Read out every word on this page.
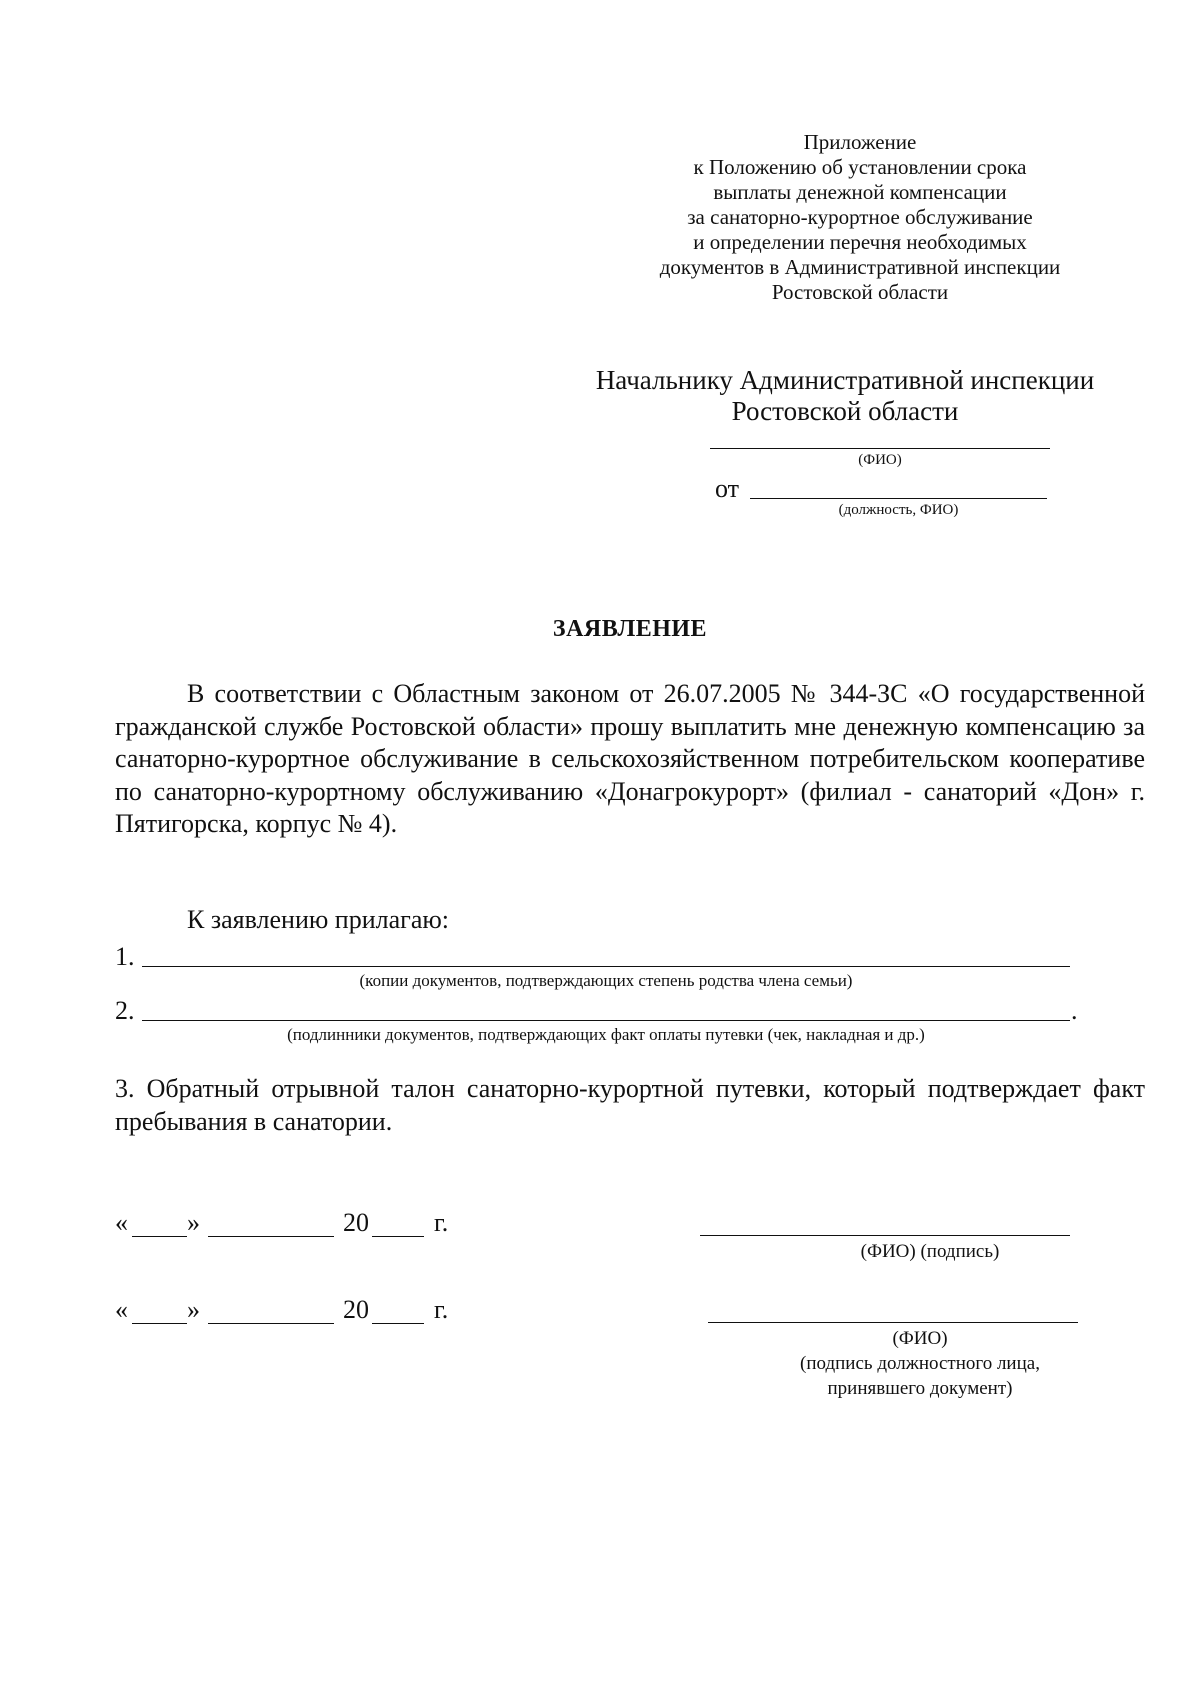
Приложение
к Положению об установлении срока
выплаты денежной компенсации
за санаторно-курортное обслуживание
и определении перечня необходимых
документов в Административной инспекции
Ростовской области
Начальнику Административной инспекции
Ростовской области
(ФИО)
от
(должность, ФИО)
ЗАЯВЛЕНИЕ
В соответствии с Областным законом от 26.07.2005 № 344-ЗС «О государственной гражданской службе Ростовской области» прошу выплатить мне денежную компенсацию за санаторно-курортное обслуживание в сельскохозяйственном потребительском кооперативе по санаторно-курортному обслуживанию «Донагрокурорт» (филиал - санаторий «Дон» г. Пятигорска, корпус № 4).
К заявлению прилагаю:
1.
(копии документов, подтверждающих степень родства члена семьи)
2.	.
(подлинники документов, подтверждающих факт оплаты путевки (чек, накладная и др.)
3. Обратный отрывной талон санаторно-курортной путевки, который подтверждает факт пребывания в санатории.
« »	20	г.
(ФИО) (подпись)
« »	20	г.
(ФИО)
(подпись должностного лица,
принявшего документ)
